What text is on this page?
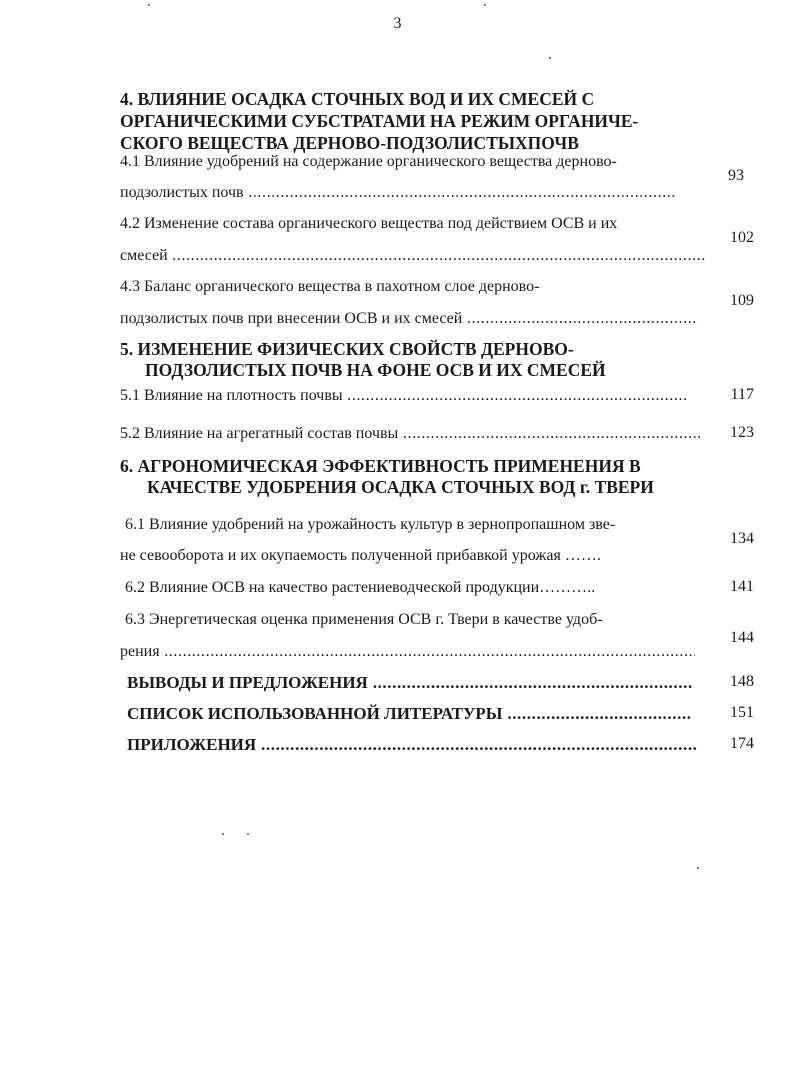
3
4. ВЛИЯНИЕ ОСАДКА СТОЧНЫХ ВОД И ИХ СМЕСЕЙ С
ОРГАНИЧЕСКИМИ СУБСТРАТАМИ НА РЕЖИМ ОРГАНИЧЕ-
СКОГО ВЕЩЕСТВА ДЕРНОВО-ПОДЗОЛИСТЫХПОЧВ
4.1 Влияние удобрений на содержание органического вещества дерново-
подзолистых почв .....
93
4.2 Изменение состава органического вещества под действием ОСВ и их
смесей .....
102
4.3 Баланс органического вещества в пахотном слое дерново-
подзолистых почв при внесении ОСВ и их смесей .....
109
5. ИЗМЕНЕНИЕ ФИЗИЧЕСКИХ СВОЙСТВ ДЕРНОВО-
ПОДЗОЛИСТЫХ ПОЧВ НА ФОНЕ ОСВ И ИХ СМЕСЕЙ
5.1 Влияние на плотность почвы .....	117
5.2 Влияние на агрегатный состав почвы .....	123
6. АГРОНОМИЧЕСКАЯ ЭФФЕКТИВНОСТЬ ПРИМЕНЕНИЯ В
КАЧЕСТВЕ УДОБРЕНИЯ ОСАДКА СТОЧНЫХ ВОД г. ТВЕРИ
6.1 Влияние удобрений на урожайность культур в зернопропашном зве-
не севооборота и их окупаемость полученной прибавкой урожая …….
134
6.2 Влияние ОСВ на качество растениеводческой продукции………..	141
6.3 Энергетическая оценка применения ОСВ г. Твери в качестве удоб-
рения .....
144
ВЫВОДЫ И ПРЕДЛОЖЕНИЯ .....	148
СПИСОК ИСПОЛЬЗОВАННОЙ ЛИТЕРАТУРЫ .....	151
ПРИЛОЖЕНИЯ .....	174
